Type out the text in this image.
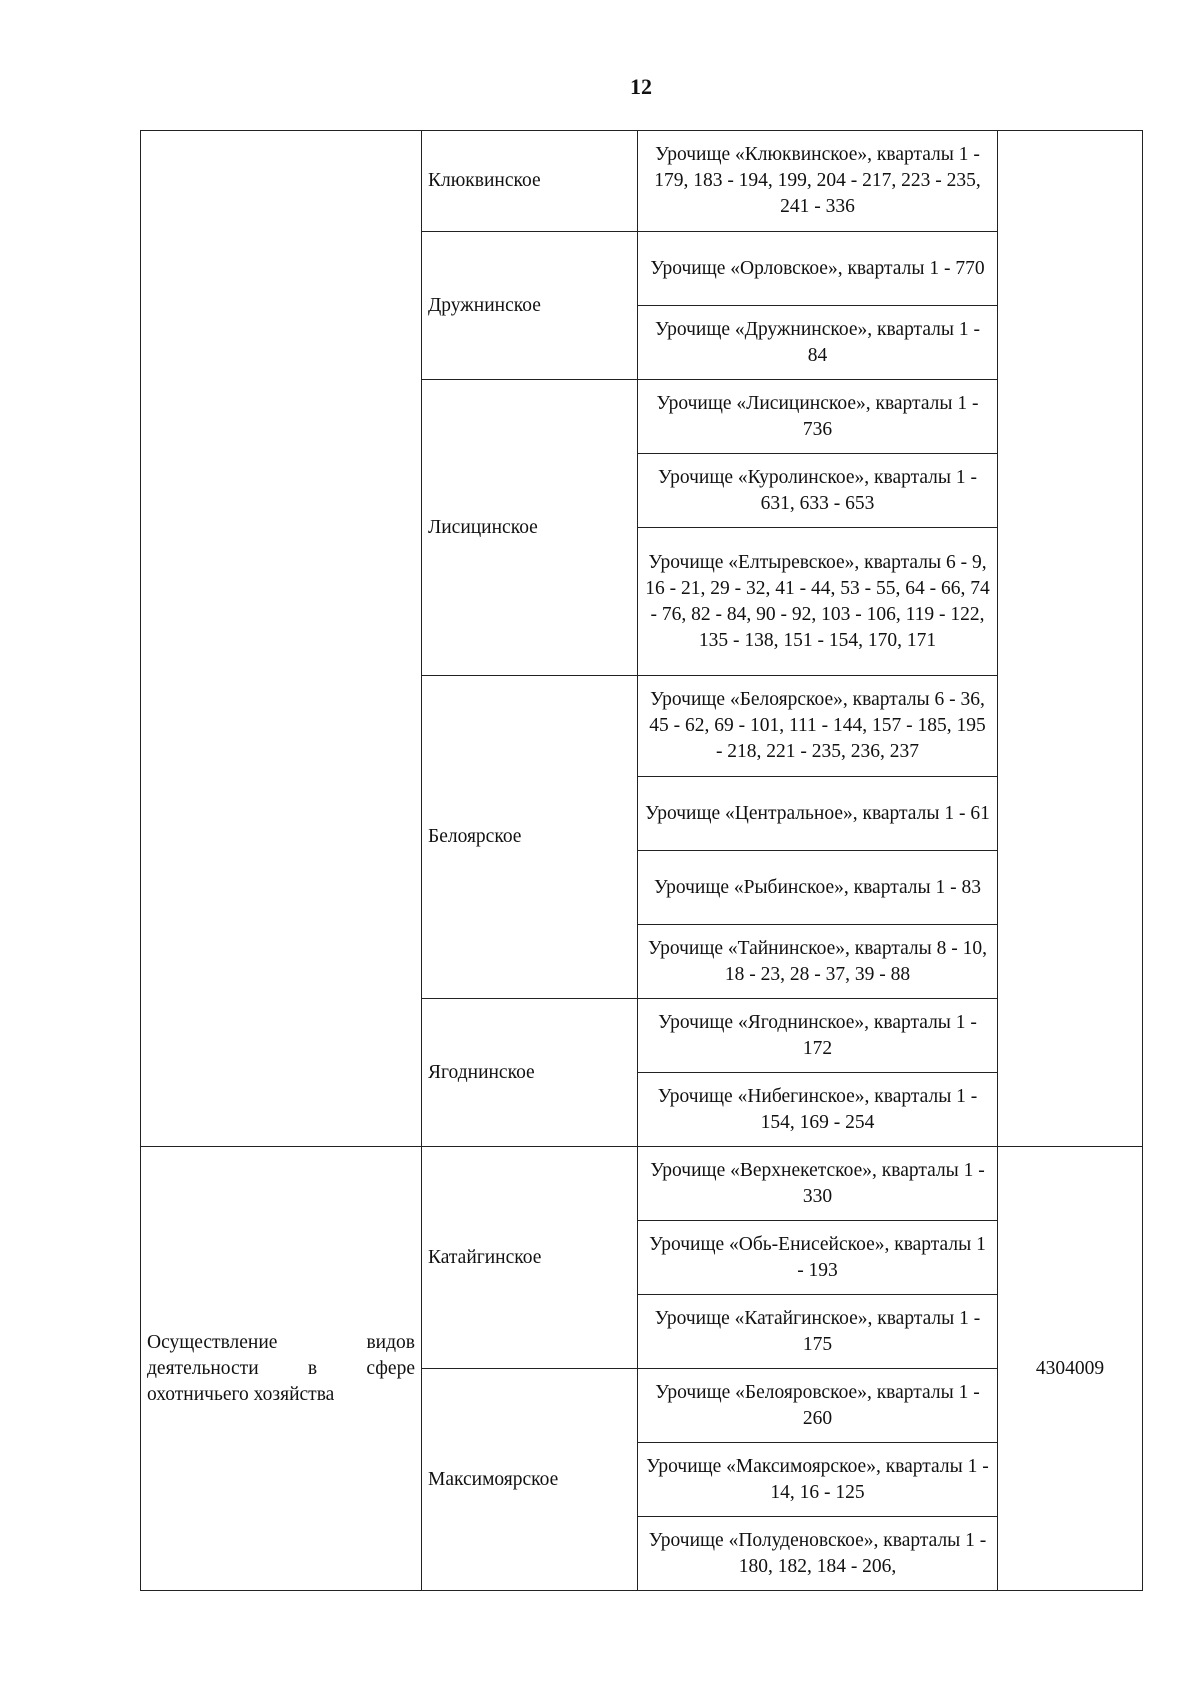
12
	Клюквинское	Урочище «Клюквинское», кварталы 1 - 179, 183 - 194, 199, 204 - 217, 223 - 235, 241 - 336	
	Дружнинское	Урочище «Орловское», кварталы 1 - 770	
		Урочище «Дружнинское», кварталы 1 - 84	
	Лисицинское	Урочище «Лисицинское», кварталы 1 - 736	
		Урочище «Куролинское», кварталы 1 - 631, 633 - 653	
		Урочище «Елтыревское», кварталы 6 - 9, 16 - 21, 29 - 32, 41 - 44, 53 - 55, 64 - 66, 74 - 76, 82 - 84, 90 - 92, 103 - 106, 119 - 122, 135 - 138, 151 - 154, 170, 171	
	Белоярское	Урочище «Белоярское», кварталы 6 - 36, 45 - 62, 69 - 101, 111 - 144, 157 - 185, 195 - 218, 221 - 235, 236, 237	
		Урочище «Центральное», кварталы 1 - 61	
		Урочище «Рыбинское», кварталы 1 - 83	
		Урочище «Тайнинское», кварталы 8 - 10, 18 - 23, 28 - 37, 39 - 88	
	Ягоднинское	Урочище «Ягоднинское», кварталы 1 - 172	
		Урочище «Нибегинское», кварталы 1 - 154, 169 - 254	

Осуществление видов
деятельности в сфере
охотничьего хозяйства	Катайгинское	Урочище «Верхнекетское», кварталы 1 - 330	4304009
		Урочище «Обь-Енисейское», кварталы 1 - 193	
		Урочище «Катайгинское», кварталы 1 - 175	
	Максимоярское	Урочище «Белояровское», кварталы 1 - 260	
		Урочище «Максимоярское», кварталы 1 - 14, 16 - 125	
		Урочище «Полуденовское», кварталы 1 - 180, 182, 184 - 206,	
